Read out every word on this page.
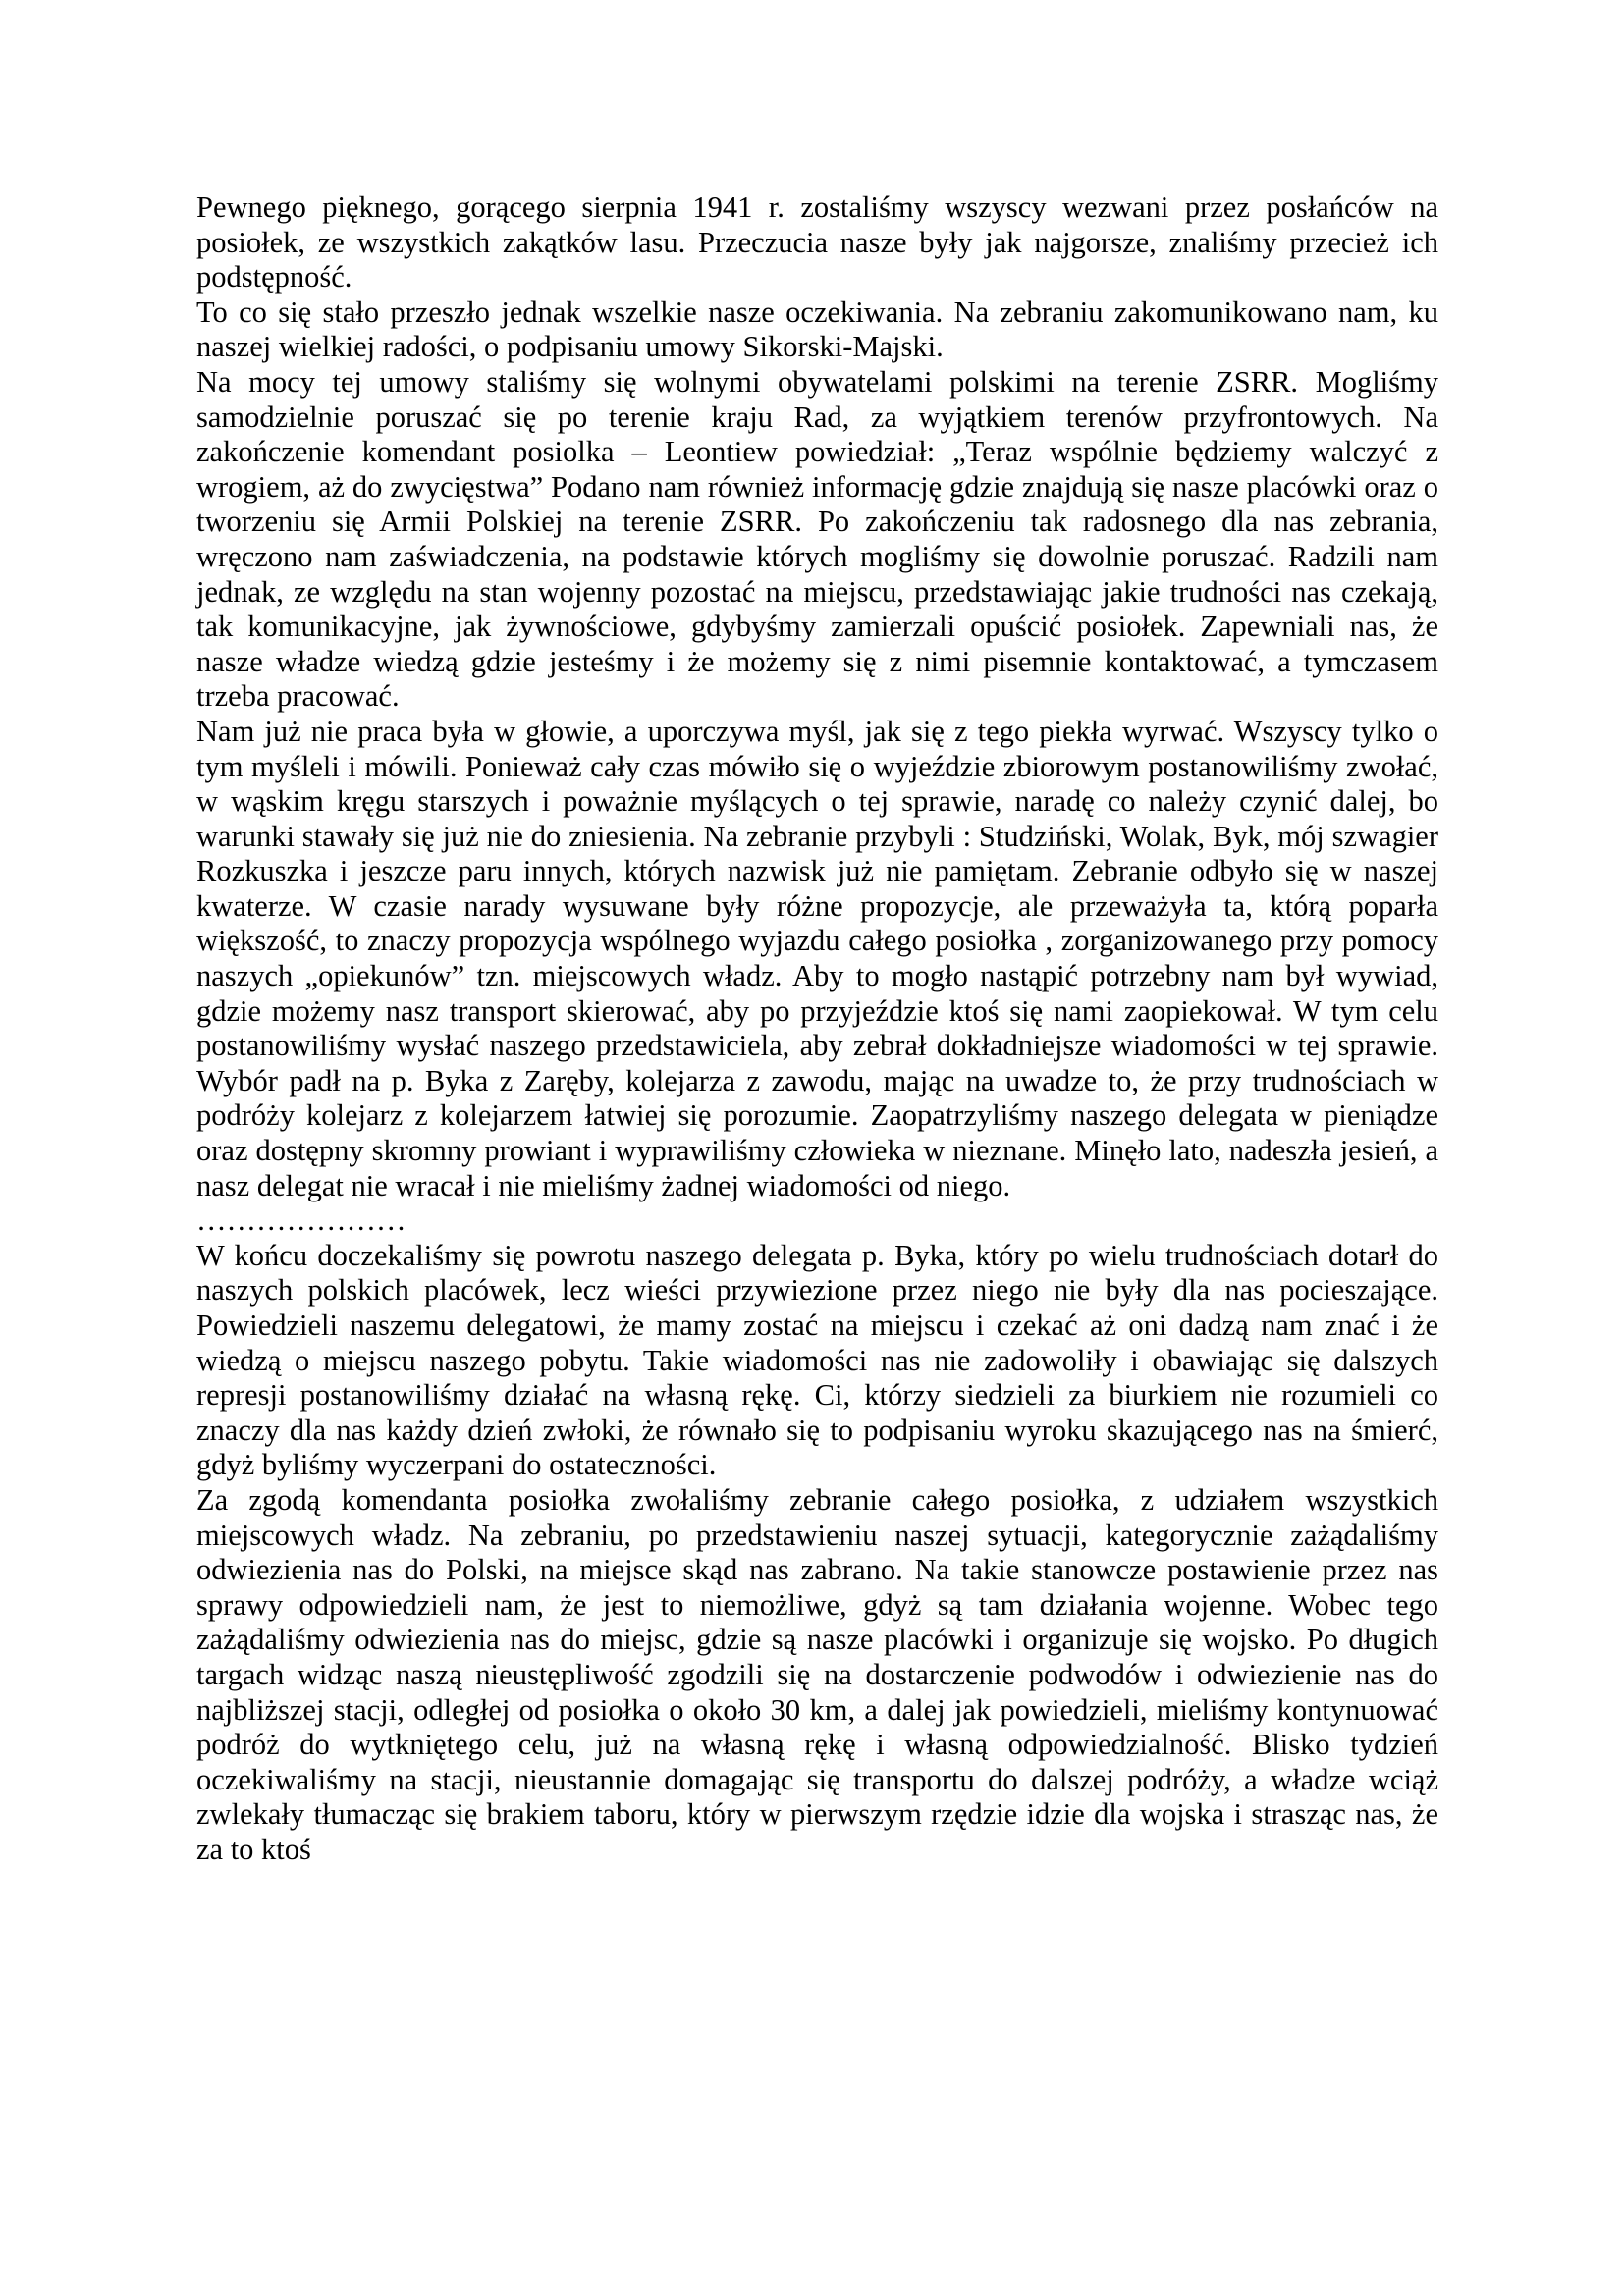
Pewnego pięknego, gorącego sierpnia 1941 r. zostaliśmy wszyscy wezwani przez posłańców na posiołek, ze wszystkich zakątków lasu. Przeczucia nasze były jak najgorsze, znaliśmy przecież ich podstępność.

To co się stało przeszło jednak wszelkie nasze oczekiwania. Na zebraniu zakomunikowano nam, ku naszej wielkiej radości, o podpisaniu umowy Sikorski-Majski.

Na mocy tej umowy staliśmy się wolnymi obywatelami polskimi na terenie ZSRR. Mogliśmy samodzielnie poruszać się po terenie kraju Rad, za wyjątkiem terenów przyfrontowych. Na zakończenie komendant posiolka – Leontiew powiedział: „Teraz wspólnie będziemy walczyć z wrogiem, aż do zwycięstwa” Podano nam również informację gdzie znajdują się nasze placówki oraz o tworzeniu się Armii Polskiej na terenie ZSRR. Po zakończeniu tak radosnego dla nas zebrania, wręczono nam zaświadczenia, na podstawie których mogliśmy się dowolnie poruszać. Radzili nam jednak, ze względu na stan wojenny pozostać na miejscu, przedstawiając jakie trudności nas czekają, tak komunikacyjne, jak żywnościowe, gdybyśmy zamierzali opuścić posiołek. Zapewniali nas, że nasze władze wiedzą gdzie jesteśmy i że możemy się z nimi pisemnie kontaktować, a tymczasem trzeba pracować.

Nam już nie praca była w głowie, a uporczywa myśl, jak się z tego piekła wyrwać. Wszyscy tylko o tym myśleli i mówili. Ponieważ cały czas mówiło się o wyjeździe zbiorowym postanowiliśmy zwołać, w wąskim kręgu starszych i poważnie myślących o tej sprawie, naradę co należy czynić dalej, bo warunki stawały się już nie do zniesienia. Na zebranie przybyli : Studziński, Wolak, Byk, mój szwagier Rozkuszka i jeszcze paru innych, których nazwisk już nie pamiętam. Zebranie odbyło się w naszej kwaterze. W czasie narady wysuwane były różne propozycje, ale przeważyła ta, którą poparła większość, to znaczy propozycja wspólnego wyjazdu całego posiołka , zorganizowanego przy pomocy naszych „opiekunów” tzn. miejscowych władz. Aby to mogło nastąpić potrzebny nam był wywiad, gdzie możemy nasz transport skierować, aby po przyjeździe ktoś się nami zaopiekował. W tym celu postanowiliśmy wysłać naszego przedstawiciela, aby zebrał dokładniejsze wiadomości w tej sprawie. Wybór padł na p. Byka z Zaręby, kolejarza z zawodu, mając na uwadze to, że przy trudnościach w podróży kolejarz z kolejarzem łatwiej się porozumie. Zaopatrzyliśmy naszego delegata w pieniądze oraz dostępny skromny prowiant i wyprawiliśmy człowieka w nieznane. Minęło lato, nadeszła jesień, a nasz delegat nie wracał i nie mieliśmy żadnej wiadomości od niego.

…………………

W końcu doczekaliśmy się powrotu naszego delegata p. Byka, który po wielu trudnościach dotarł do naszych polskich placówek, lecz wieści przywiezione przez niego nie były dla nas pocieszające. Powiedzieli naszemu delegatowi, że mamy zostać na miejscu i czekać aż oni dadzą nam znać i że wiedzą o miejscu naszego pobytu. Takie wiadomości nas nie zadowoliły i obawiając się dalszych represji postanowiliśmy działać na własną rękę. Ci, którzy siedzieli za biurkiem nie rozumieli co znaczy dla nas każdy dzień zwłoki, że równało się to podpisaniu wyroku skazującego nas na śmierć, gdyż byliśmy wyczerpani do ostateczności.

Za zgodą komendanta posiołka zwołaliśmy zebranie całego posiołka, z udziałem wszystkich miejscowych władz. Na zebraniu, po przedstawieniu naszej sytuacji, kategorycznie zażądaliśmy odwiezienia nas do Polski, na miejsce skąd nas zabrano. Na takie stanowcze postawienie przez nas sprawy odpowiedzieli nam, że jest to niemożliwe, gdyż są tam działania wojenne. Wobec tego zażądaliśmy odwiezienia nas do miejsc, gdzie są nasze placówki i organizuje się wojsko. Po długich targach widząc naszą nieustępliwość zgodzili się na dostarczenie podwodów i odwiezienie nas do najbliższej stacji, odległej od posiołka o około 30 km, a dalej jak powiedzieli, mieliśmy kontynuować podróż do wytkniętego celu, już na własną rękę i własną odpowiedzialność. Blisko tydzień oczekiwaliśmy na stacji, nieustannie domagając się transportu do dalszej podróży, a władze wciąż zwlekały tłumacząc się brakiem taboru, który w pierwszym rzędzie idzie dla wojska i strasząc nas, że za to ktoś
